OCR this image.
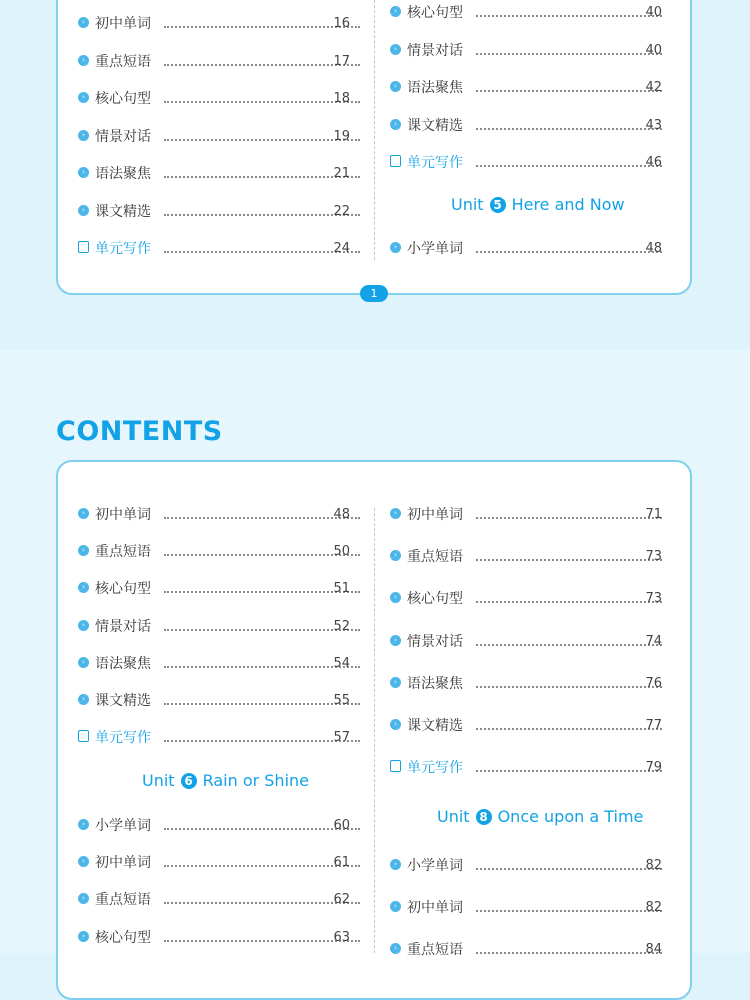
1
CONTENTS
Unit 5 Here and Now
Unit 6 Rain or Shine
Unit 8 Once upon a Time
› 初中单词	16
› 重点短语	17
› 核心句型	18
› 情景对话	19
› 语法聚焦	21
› 课文精选	22
单元写作	24
› 核心句型	40
› 情景对话	40
› 语法聚焦	42
› 课文精选	43
单元写作	46
› 小学单词	48
› 初中单词	48
› 重点短语	50
› 核心句型	51
› 情景对话	52
› 语法聚焦	54
› 课文精选	55
单元写作	57
› 小学单词	60
› 初中单词	61
› 重点短语	62
› 核心句型	63
› 初中单词	71
› 重点短语	73
› 核心句型	73
› 情景对话	74
› 语法聚焦	76
› 课文精选	77
单元写作	79
› 小学单词	82
› 初中单词	82
› 重点短语	84
